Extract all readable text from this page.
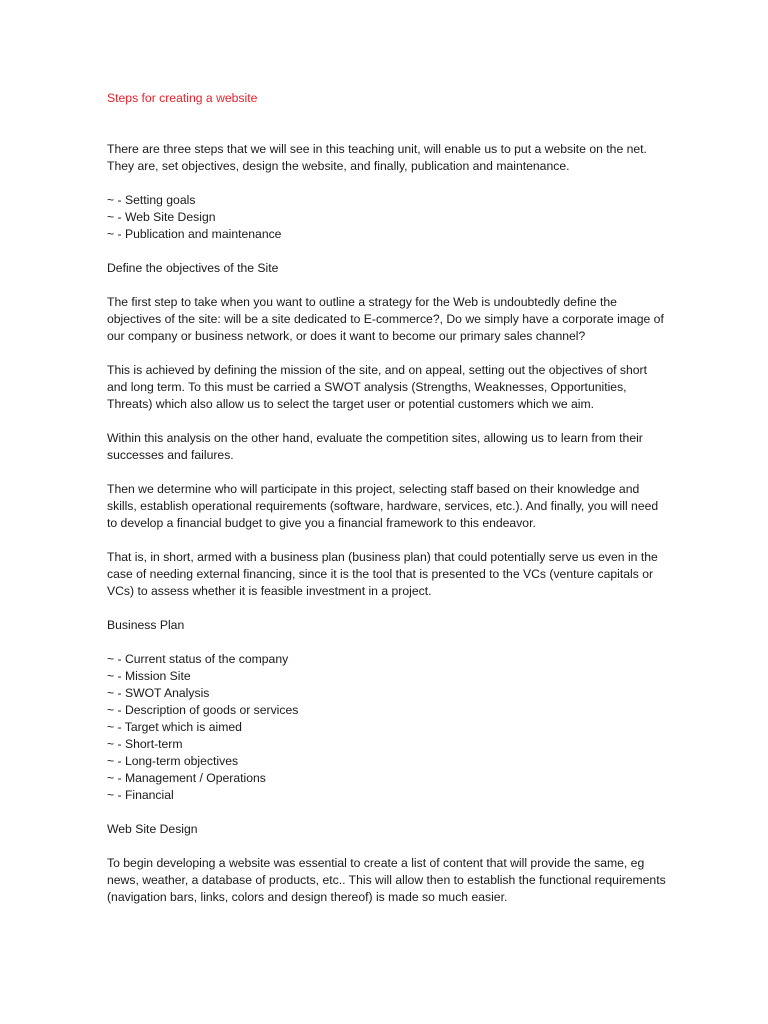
Steps for creating a website
There are three steps that we will see in this teaching unit, will enable us to put a website on the net. They are, set objectives, design the website, and finally, publication and maintenance.
~ - Setting goals
~ - Web Site Design
~ - Publication and maintenance
Define the objectives of the Site
The first step to take when you want to outline a strategy for the Web is undoubtedly define the objectives of the site: will be a site dedicated to E-commerce?, Do we simply have a corporate image of our company or business network, or does it want to become our primary sales channel?
This is achieved by defining the mission of the site, and on appeal, setting out the objectives of short and long term. To this must be carried a SWOT analysis (Strengths, Weaknesses, Opportunities, Threats) which also allow us to select the target user or potential customers which we aim.
Within this analysis on the other hand, evaluate the competition sites, allowing us to learn from their successes and failures.
Then we determine who will participate in this project, selecting staff based on their knowledge and skills, establish operational requirements (software, hardware, services, etc.). And finally, you will need to develop a financial budget to give you a financial framework to this endeavor.
That is, in short, armed with a business plan (business plan) that could potentially serve us even in the case of needing external financing, since it is the tool that is presented to the VCs (venture capitals or VCs) to assess whether it is feasible investment in a project.
Business Plan
~ - Current status of the company
~ - Mission Site
~ - SWOT Analysis
~ - Description of goods or services
~ - Target which is aimed
~ - Short-term
~ - Long-term objectives
~ - Management / Operations
~ - Financial
Web Site Design
To begin developing a website was essential to create a list of content that will provide the same, eg news, weather, a database of products, etc.. This will allow then to establish the functional requirements (navigation bars, links, colors and design thereof) is made so much easier.
